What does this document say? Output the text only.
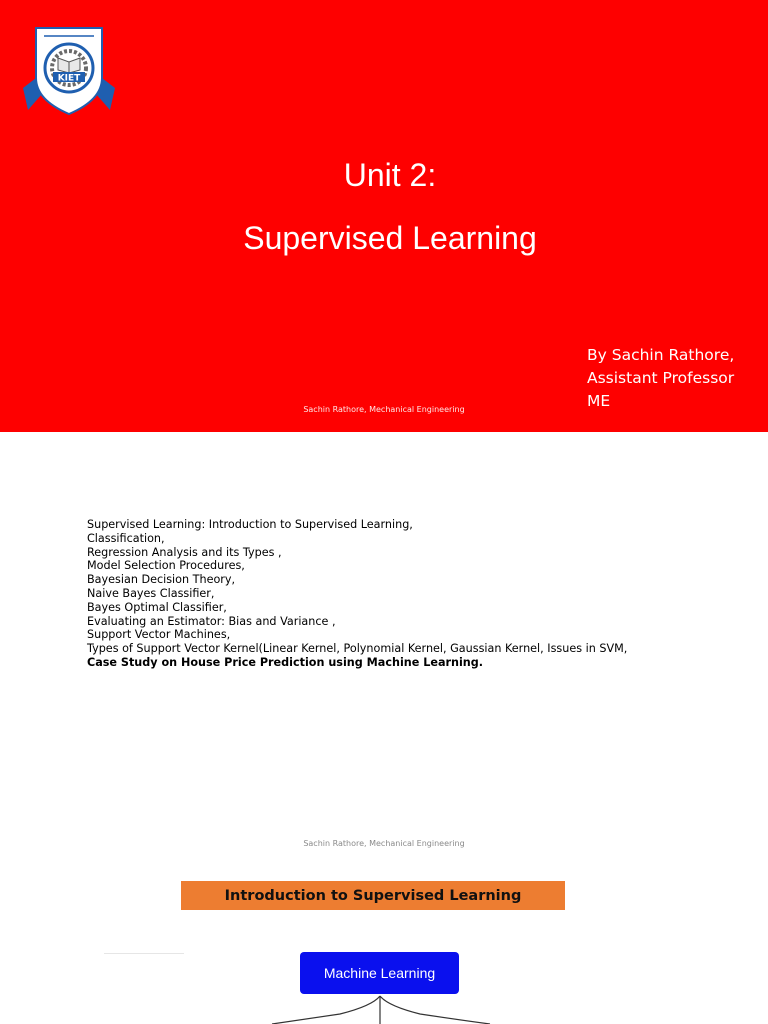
KIET
Unit 2:
Supervised Learning
By Sachin Rathore,
Assistant Professor
ME
Sachin Rathore, Mechanical Engineering
Supervised Learning: Introduction to Supervised Learning,
Classification,
Regression Analysis and its Types ,
Model Selection Procedures,
Bayesian Decision Theory,
Naive Bayes Classifier,
Bayes Optimal Classifier,
Evaluating an Estimator: Bias and Variance ,
Support Vector Machines,
Types of Support Vector Kernel(Linear Kernel, Polynomial Kernel, Gaussian Kernel, Issues in SVM,
Case Study on House Price Prediction using Machine Learning.
Sachin Rathore, Mechanical Engineering
Introduction to Supervised Learning
Machine Learning
